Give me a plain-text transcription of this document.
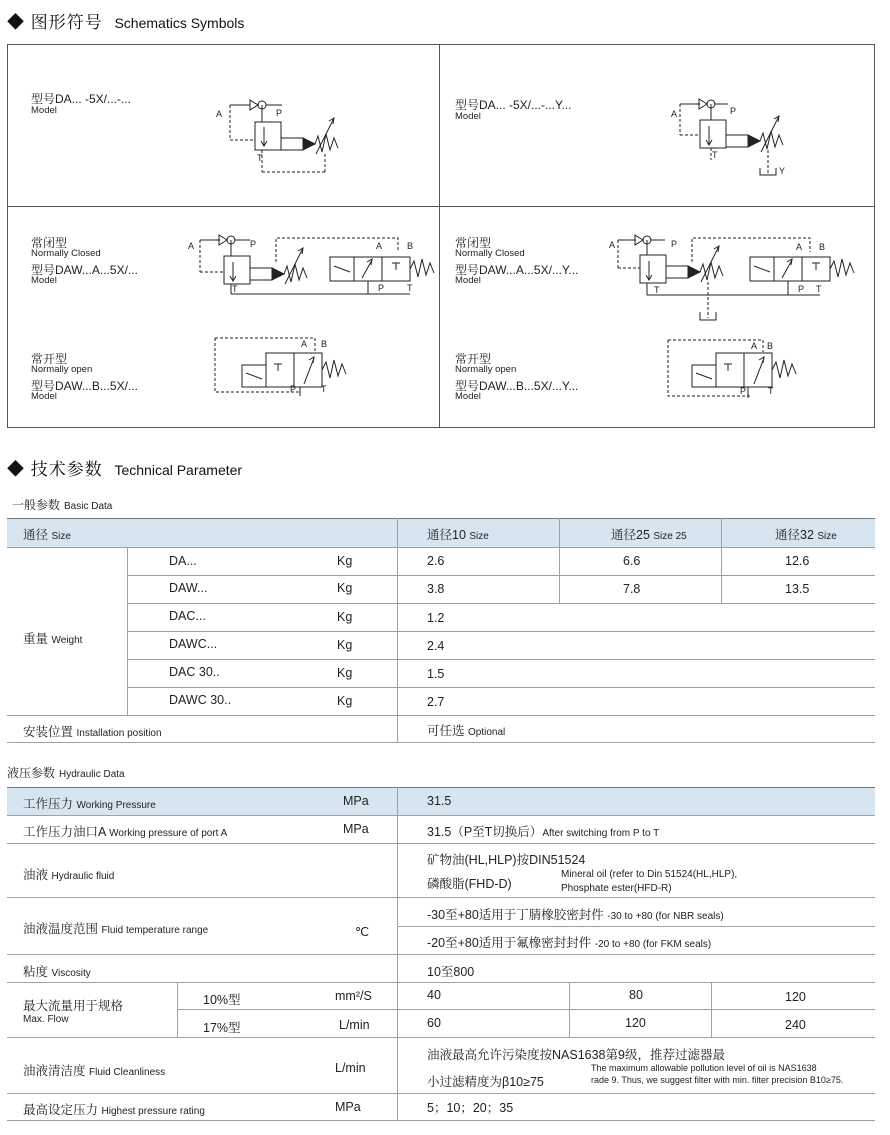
◆ 图形符号 Schematics Symbols
型号DA... -5X/...-...
Model	型号DA... -5X/...-...Y...
Model
常闭型
Normally Closed
型号DAW...A...5X/...
Model
常闭型
Normally Closed
型号DAW...A...5X/...Y...
Model
常开型
Normally open
型号DAW...B...5X/...
Model
常开型
Normally open
型号DAW...B...5X/...Y...
Model
A	P
T
A	P
T
Y
A	P
T
A	B
P	T
A	P
T
A B
P T
A B
P	T
A B
P T
◆ 技术参数 Technical Parameter
一般参数 Basic Data
通径 Size	通径10 Size	通径25 Size 25	通径32 Size
重量 Weight
DA...	Kg	2.6	6.6	12.6
DAW...	Kg	3.8	7.8	13.5
DAC...	Kg	1.2
DAWC...	Kg	2.4
DAC 30..	Kg	1.5
DAWC 30..	Kg	2.7
安装位置 Installation position	可任选 Optional
液压参数 Hydraulic Data
工作压力 Working Pressure	MPa	31.5
工作压力油口A Working pressure of port A	MPa	31.5（P至T切换后）After switching from P to T
油液 Hydraulic fluid
矿物油(HL,HLP)按DIN51524
磷酸脂(FHD-D)
Mineral oil (refer to Din 51524(HL,HLP),
Phosphate ester(HFD-R)
油液温度范围 Fluid temperature range	℃
-30至+80适用于丁腈橡胶密封件 -30 to +80 (for NBR seals)
-20至+80适用于氟橡密封封件 -20 to +80 (for FKM seals)
粘度 Viscosity	10至800
最大流量用于规格
Max. Flow
10%型	mm²/S	40	80	120
17%型	L/min	60	120	240
油液清洁度 Fluid Cleanliness	L/min
油液最高允许污染度按NAS1638第9级，推荐过滤器最
小过滤精度为β10≥75
The maximum allowable pollution level of oil is NAS1638
rade 9. Thus, we suggest filter with min. filter precision B10≥75.
最高设定压力 Highest pressure rating	MPa	5；10；20；35
